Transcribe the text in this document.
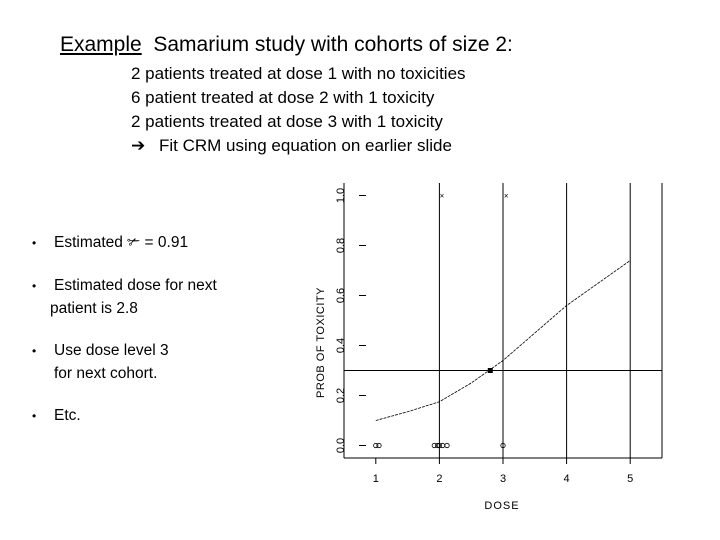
Example Samarium study with cohorts of size 2:
2 patients treated at dose 1 with no toxicities
6 patient treated at dose 2 with 1 toxicity
2 patients treated at dose 3 with 1 toxicity
➔ Fit CRM using equation on earlier slide
• Estimated ✃ = 0.91
• Estimated dose for next
patient is 2.8
• Use dose level 3
for next cohort.
• Etc.
0.0
0.2
0.4
0.6
0.8
1.0
1	2	3	4	5
DOSE
PROB OF TOXICITY
×	×
